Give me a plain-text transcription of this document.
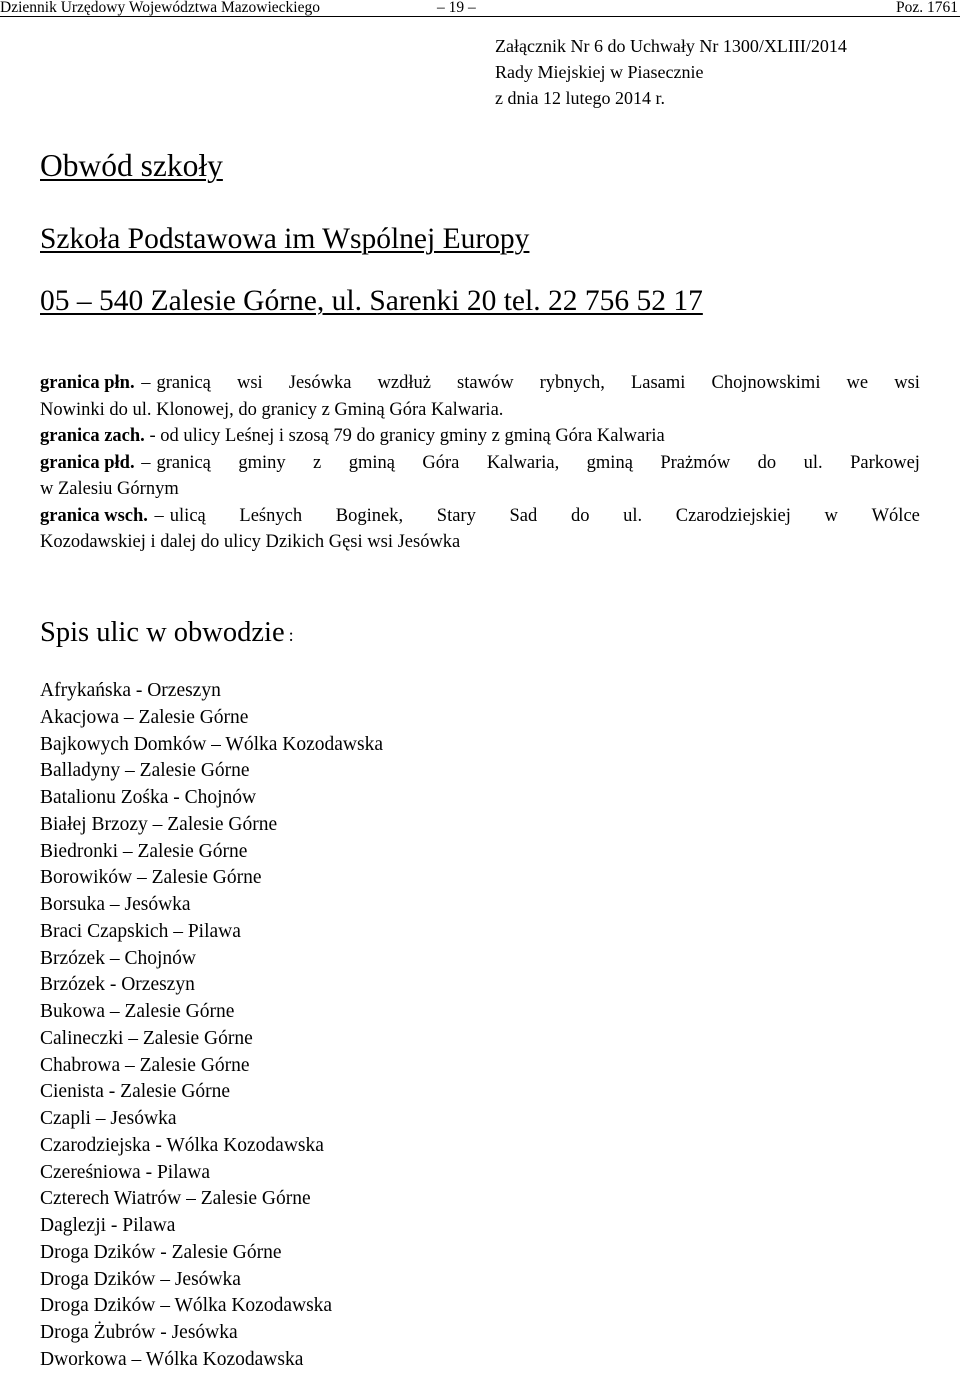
Dziennik Urzędowy Województwa Mazowieckiego	– 19 –	Poz. 1761
Załącznik Nr 6 do Uchwały Nr 1300/XLIII/2014
Rady Miejskiej w Piasecznie
z dnia 12 lutego 2014 r.
Obwód szkoły
Szkoła Podstawowa im Wspólnej Europy
05 – 540 Zalesie Górne, ul. Sarenki 20 tel. 22 756 52 17
granica płn. – granicą wsi Jesówka wzdłuż stawów rybnych, Lasami Chojnowskimi we wsi
Nowinki do ul. Klonowej, do granicy z Gminą Góra Kalwaria.
granica zach. - od ulicy Leśnej i szosą 79 do granicy gminy z gminą Góra Kalwaria
granica płd. – granicą gminy z gminą Góra Kalwaria, gminą Prażmów do ul. Parkowej
w Zalesiu Górnym
granica wsch. – ulicą Leśnych Boginek, Stary Sad do ul. Czarodziejskiej w Wólce
Kozodawskiej i dalej do ulicy Dzikich Gęsi wsi Jesówka
Spis ulic w obwodzie :
Afrykańska - Orzeszyn
Akacjowa – Zalesie Górne
Bajkowych Domków – Wólka Kozodawska
Balladyny – Zalesie Górne
Batalionu Zośka - Chojnów
Białej Brzozy – Zalesie Górne
Biedronki – Zalesie Górne
Borowików – Zalesie Górne
Borsuka – Jesówka
Braci Czapskich – Pilawa
Brzózek – Chojnów
Brzózek - Orzeszyn
Bukowa – Zalesie Górne
Calineczki – Zalesie Górne
Chabrowa – Zalesie Górne
Cienista - Zalesie Górne
Czapli – Jesówka
Czarodziejska - Wólka Kozodawska
Czereśniowa - Pilawa
Czterech Wiatrów – Zalesie Górne
Daglezji - Pilawa
Droga Dzików - Zalesie Górne
Droga Dzików – Jesówka
Droga Dzików – Wólka Kozodawska
Droga Żubrów - Jesówka
Dworkowa – Wólka Kozodawska
